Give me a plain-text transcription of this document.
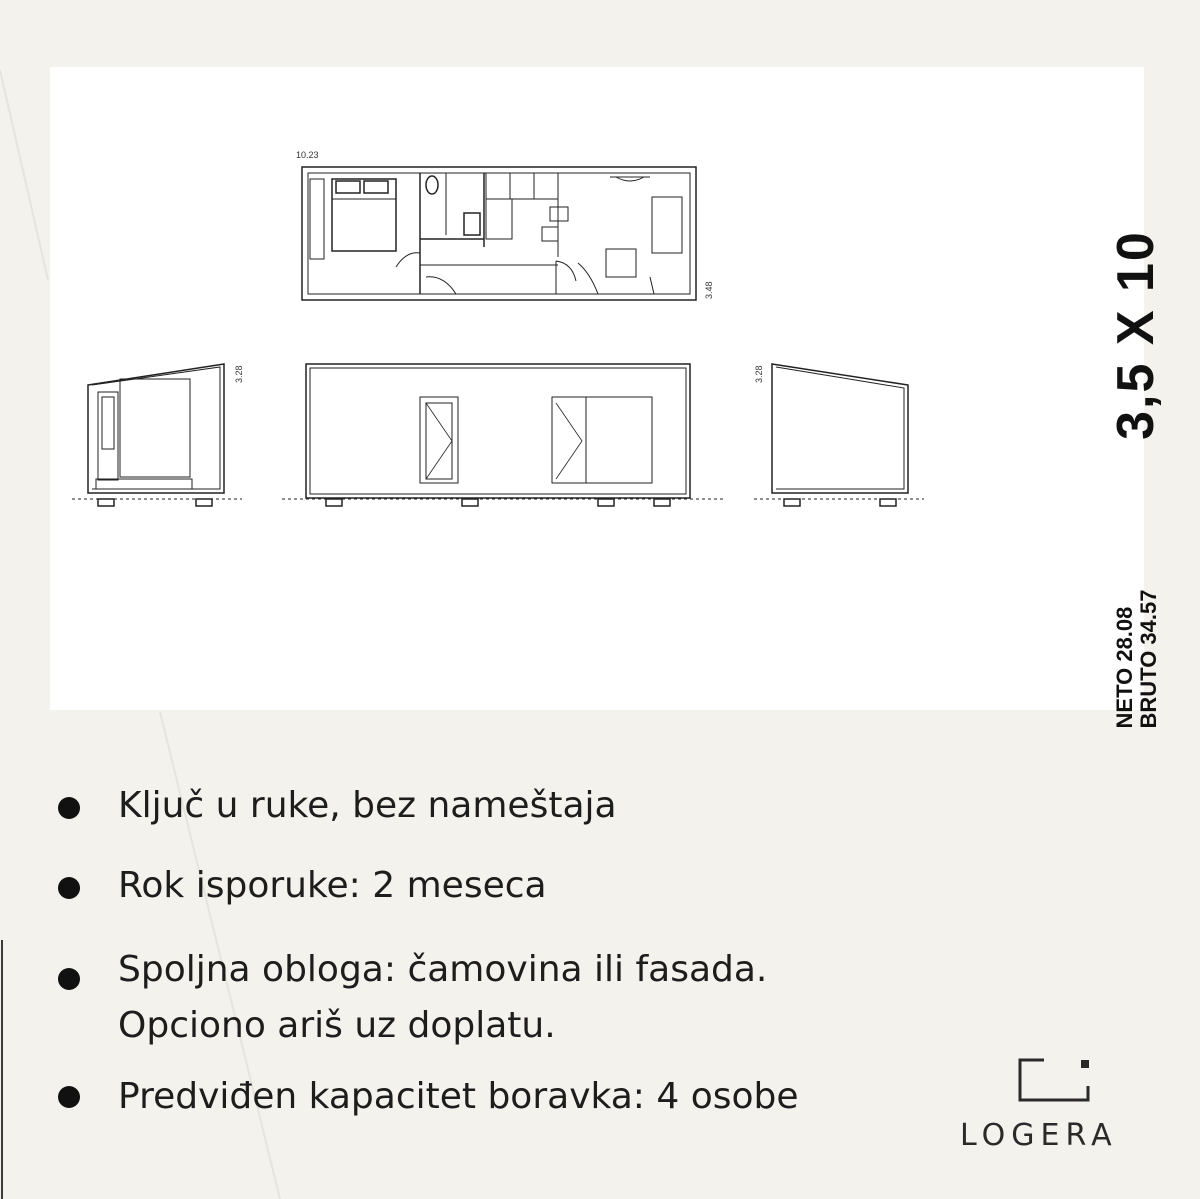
10.23
3.48
3.28	3.28	3,5 X 10
NETO 28.08 BRUTO 34.57
Ključ u ruke, bez nameštaja
Rok isporuke: 2 meseca
Spoljna obloga: čamovina ili fasada.
Opciono ariš uz doplatu.
Predviđen kapacitet boravka: 4 osobe
LOGERA
